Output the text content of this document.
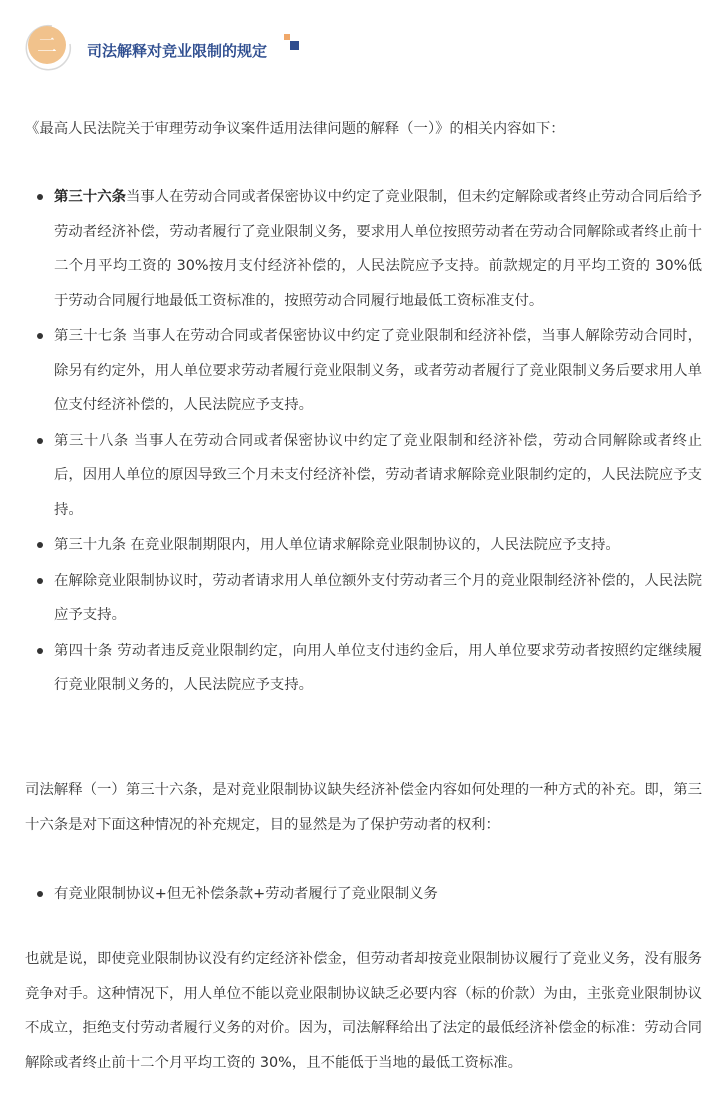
二	司法解释对竞业限制的规定

《最高人民法院关于审理劳动争议案件适用法律问题的解释（一）》的相关内容如下：

第三十六条当事人在劳动合同或者保密协议中约定了竞业限制，但未约定解除或者终止劳动合同后给予劳动者经济补偿，劳动者履行了竞业限制义务，要求用人单位按照劳动者在劳动合同解除或者终止前十二个月平均工资的 30%按月支付经济补偿的，人民法院应予支持。前款规定的月平均工资的 30%低于劳动合同履行地最低工资标准的，按照劳动合同履行地最低工资标准支付。
第三十七条 当事人在劳动合同或者保密协议中约定了竞业限制和经济补偿，当事人解除劳动合同时，除另有约定外，用人单位要求劳动者履行竞业限制义务，或者劳动者履行了竞业限制义务后要求用人单位支付经济补偿的，人民法院应予支持。
第三十八条 当事人在劳动合同或者保密协议中约定了竞业限制和经济补偿，劳动合同解除或者终止后，因用人单位的原因导致三个月未支付经济补偿，劳动者请求解除竞业限制约定的，人民法院应予支持。
第三十九条 在竞业限制期限内，用人单位请求解除竞业限制协议的，人民法院应予支持。
在解除竞业限制协议时，劳动者请求用人单位额外支付劳动者三个月的竞业限制经济补偿的，人民法院应予支持。
第四十条 劳动者违反竞业限制约定，向用人单位支付违约金后，用人单位要求劳动者按照约定继续履行竞业限制义务的，人民法院应予支持。

司法解释（一）第三十六条，是对竞业限制协议缺失经济补偿金内容如何处理的一种方式的补充。即，第三十六条是对下面这种情况的补充规定，目的显然是为了保护劳动者的权利：

有竞业限制协议+但无补偿条款+劳动者履行了竞业限制义务

也就是说，即使竞业限制协议没有约定经济补偿金，但劳动者却按竞业限制协议履行了竞业义务，没有服务竞争对手。这种情况下，用人单位不能以竞业限制协议缺乏必要内容（标的价款）为由，主张竞业限制协议不成立，拒绝支付劳动者履行义务的对价。因为，司法解释给出了法定的最低经济补偿金的标准：劳动合同解除或者终止前十二个月平均工资的 30%，且不能低于当地的最低工资标准。
